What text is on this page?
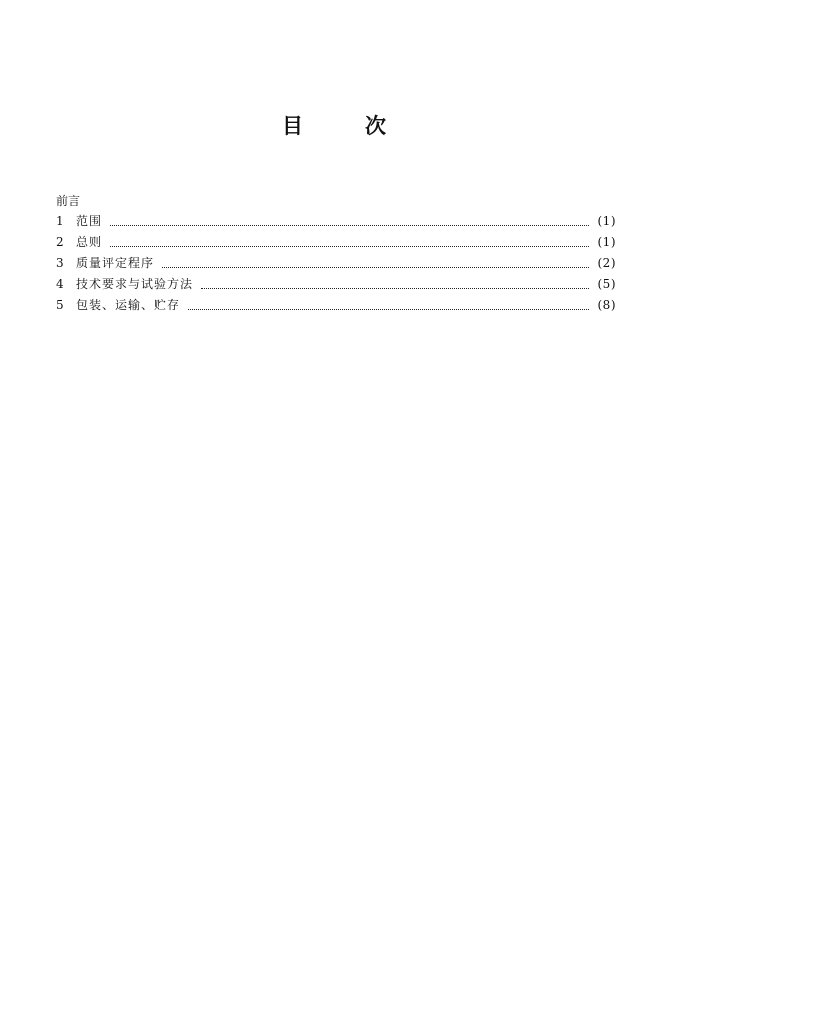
目	次
前言
1	范围	(1)
2	总则	(1)
3	质量评定程序	(2)
4	技术要求与试验方法	(5)
5	包装、运输、贮存	(8)
